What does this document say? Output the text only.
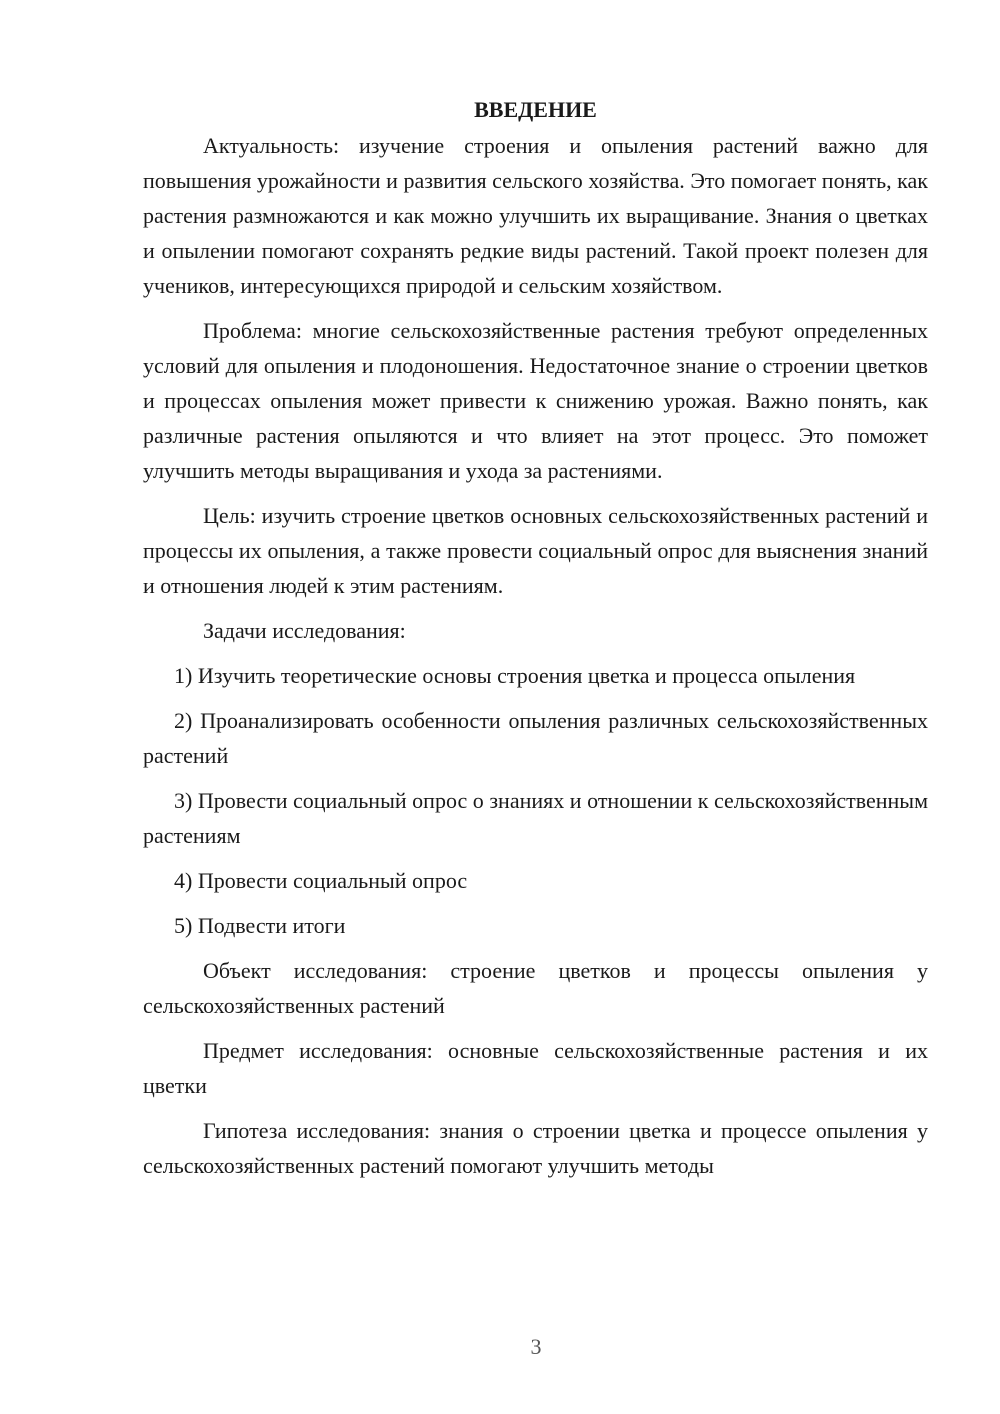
ВВЕДЕНИЕ

Актуальность: изучение строения и опыления растений важно для повышения урожайности и развития сельского хозяйства. Это помогает понять, как растения размножаются и как можно улучшить их выращивание. Знания о цветках и опылении помогают сохранять редкие виды растений. Такой проект полезен для учеников, интересующихся природой и сельским хозяйством.

Проблема: многие сельскохозяйственные растения требуют определенных условий для опыления и плодоношения. Недостаточное знание о строении цветков и процессах опыления может привести к снижению урожая. Важно понять, как различные растения опыляются и что влияет на этот процесс. Это поможет улучшить методы выращивания и ухода за растениями.

Цель: изучить строение цветков основных сельскохозяйственных растений и процессы их опыления, а также провести социальный опрос для выяснения знаний и отношения людей к этим растениям.

Задачи исследования:

1) Изучить теоретические основы строения цветка и процесса опыления

2) Проанализировать особенности опыления различных сельскохозяйственных растений

3) Провести социальный опрос о знаниях и отношении к сельскохозяйственным растениям

4) Провести социальный опрос

5) Подвести итоги

Объект исследования: строение цветков и процессы опыления у сельскохозяйственных растений

Предмет исследования: основные сельскохозяйственные растения и их цветки

Гипотеза исследования: знания о строении цветка и процессе опыления у сельскохозяйственных растений помогают улучшить методы

3
